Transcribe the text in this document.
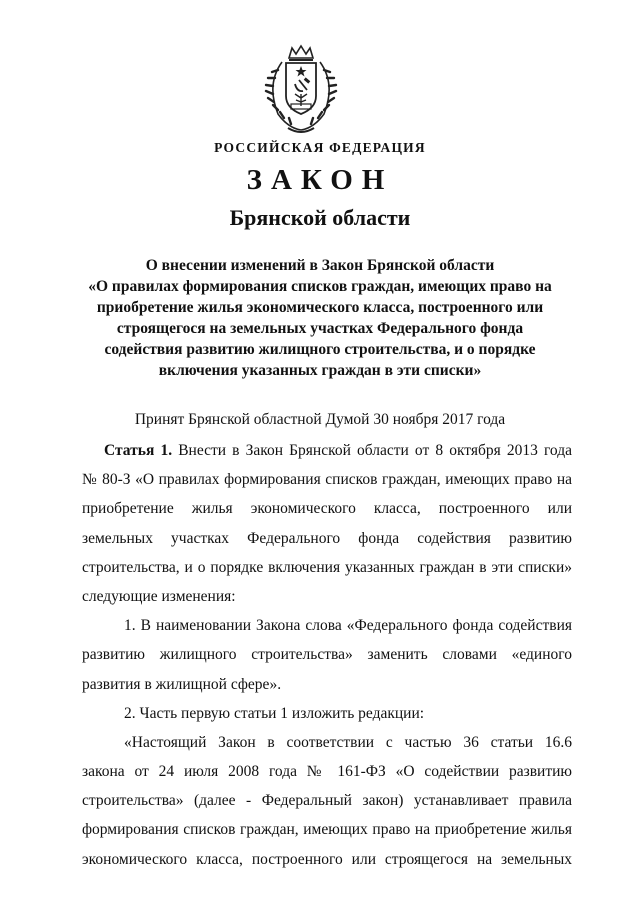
РОССИЙСКАЯ ФЕДЕРАЦИЯ
ЗАКОН
Брянской области
О внесении изменений в Закон Брянской области
«О правилах формирования списков граждан, имеющих право на
приобретение жилья экономического класса, построенного или
строящегося на земельных участках Федерального фонда
содействия развитию жилищного строительства, и о порядке
включения указанных граждан в эти списки»
Принят Брянской областной Думой 30 ноября 2017 года
Статья 1. Внести в Закон Брянской области от 8 октября 2013 года
№ 80-З «О правилах формирования списков граждан, имеющих право на
приобретение жилья экономического класса, построенного или
земельных участках Федерального фонда содействия развитию
строительства, и о порядке включения указанных граждан в эти списки»
следующие изменения:
1. В наименовании Закона слова «Федерального фонда содействия
развитию жилищного строительства» заменить словами «единого
развития в жилищной сфере».
2. Часть первую статьи 1 изложить редакции:
«Настоящий Закон в соответствии с частью 36 статьи 16.6
закона от 24 июля 2008 года № 161-ФЗ «О содействии развитию
строительства» (далее - Федеральный закон) устанавливает правила
формирования списков граждан, имеющих право на приобретение жилья
экономического класса, построенного или строящегося на земельных
